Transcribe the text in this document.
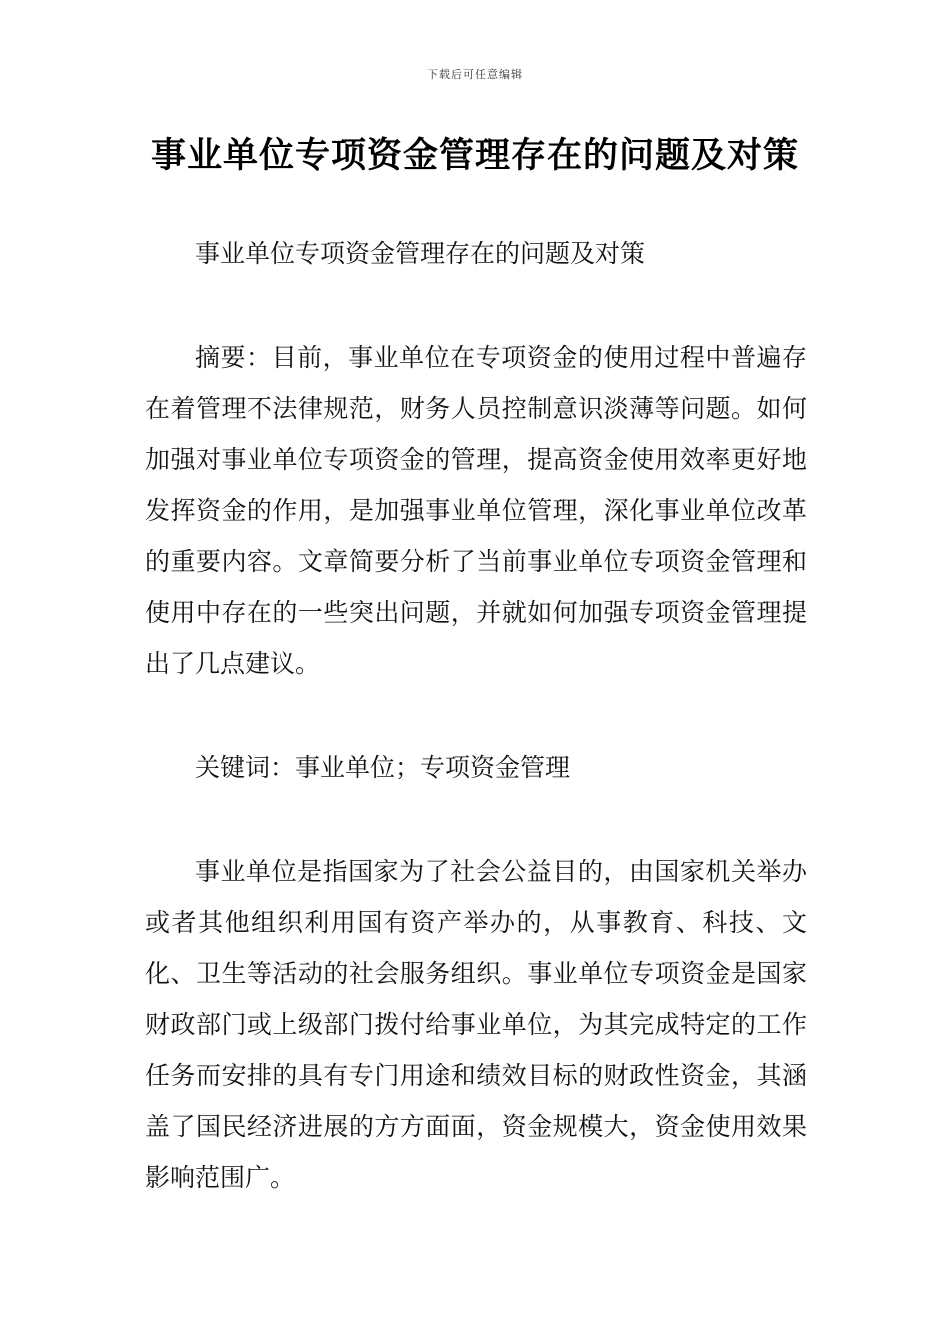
下载后可任意编辑
事业单位专项资金管理存在的问题及对策

事业单位专项资金管理存在的问题及对策

摘要：目前，事业单位在专项资金的使用过程中普遍存在着管理不法律规范，财务人员控制意识淡薄等问题。如何加强对事业单位专项资金的管理，提高资金使用效率更好地发挥资金的作用，是加强事业单位管理，深化事业单位改革的重要内容。文章简要分析了当前事业单位专项资金管理和使用中存在的一些突出问题，并就如何加强专项资金管理提出了几点建议。

关键词：事业单位；专项资金管理

事业单位是指国家为了社会公益目的，由国家机关举办或者其他组织利用国有资产举办的，从事教育、科技、文化、卫生等活动的社会服务组织。事业单位专项资金是国家财政部门或上级部门拨付给事业单位，为其完成特定的工作任务而安排的具有专门用途和绩效目标的财政性资金，其涵盖了国民经济进展的方方面面，资金规模大，资金使用效果影响范围广。
